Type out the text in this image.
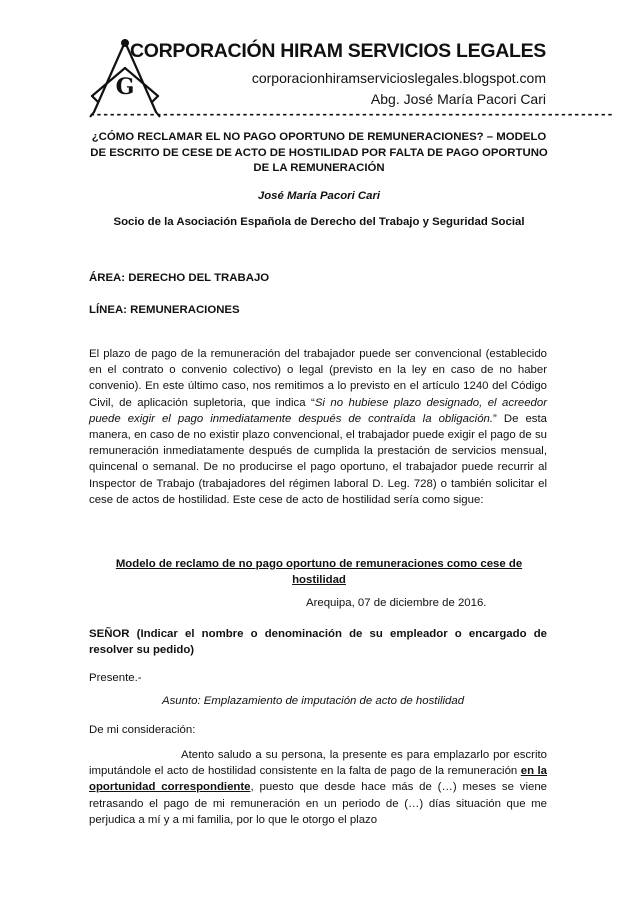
G
CORPORACIÓN HIRAM SERVICIOS LEGALES
corporacionhiramservicioslegales.blogspot.com
Abg. José María Pacori Cari
-------------------------------------------------------------------------------
¿CÓMO RECLAMAR EL NO PAGO OPORTUNO DE REMUNERACIONES? – MODELO DE ESCRITO DE CESE DE ACTO DE HOSTILIDAD POR FALTA DE PAGO OPORTUNO DE LA REMUNERACIÓN
José María Pacori Cari
Socio de la Asociación Española de Derecho del Trabajo y Seguridad Social
ÁREA: DERECHO DEL TRABAJO
LÍNEA: REMUNERACIONES
El plazo de pago de la remuneración del trabajador puede ser convencional (establecido en el contrato o convenio colectivo) o legal (previsto en la ley en caso de no haber convenio). En este último caso, nos remitimos a lo previsto en el artículo 1240 del Código Civil, de aplicación supletoria, que indica “Si no hubiese plazo designado, el acreedor puede exigir el pago inmediatamente después de contraída la obligación.” De esta manera, en caso de no existir plazo convencional, el trabajador puede exigir el pago de su remuneración inmediatamente después de cumplida la prestación de servicios mensual, quincenal o semanal. De no producirse el pago oportuno, el trabajador puede recurrir al Inspector de Trabajo (trabajadores del régimen laboral D. Leg. 728) o también solicitar el cese de actos de hostilidad. Este cese de acto de hostilidad sería como sigue:
Modelo de reclamo de no pago oportuno de remuneraciones como cese de hostilidad
Arequipa, 07 de diciembre de 2016.
SEÑOR (Indicar el nombre o denominación de su empleador o encargado de resolver su pedido)
Presente.-
Asunto: Emplazamiento de imputación de acto de hostilidad
De mi consideración:
Atento saludo a su persona, la presente es para emplazarlo por escrito imputándole el acto de hostilidad consistente en la falta de pago de la remuneración en la oportunidad correspondiente, puesto que desde hace más de (…) meses se viene retrasando el pago de mi remuneración en un periodo de (…) días situación que me perjudica a mí y a mi familia, por lo que le otorgo el plazo
